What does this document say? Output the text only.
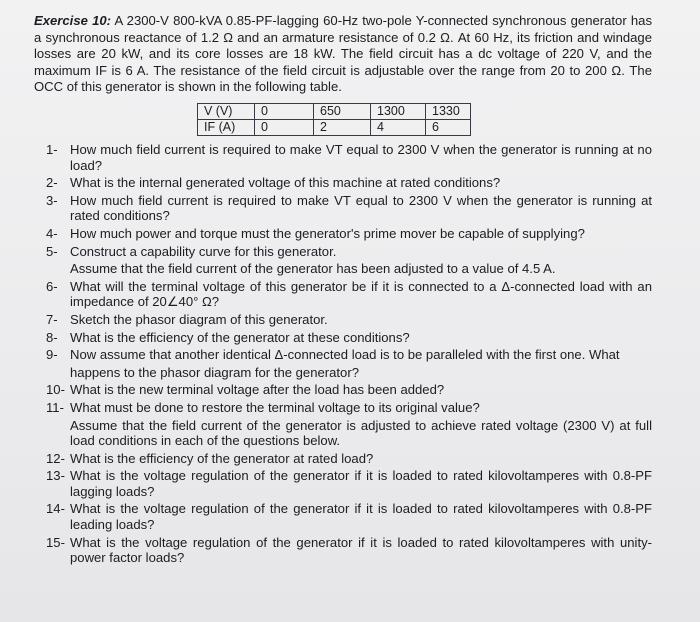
Exercise 10: A 2300-V 800-kVA 0.85-PF-lagging 60-Hz two-pole Y-connected synchronous generator has a synchronous reactance of 1.2 Ω and an armature resistance of 0.2 Ω. At 60 Hz, its friction and windage losses are 20 kW, and its core losses are 18 kW. The field circuit has a dc voltage of 220 V, and the maximum IF is 6 A. The resistance of the field circuit is adjustable over the range from 20 to 200 Ω. The OCC of this generator is shown in the following table.
V (V)	0	650	1300	1330
IF (A)	0	2	4	6
1- How much field current is required to make VT equal to 2300 V when the generator is running at no load?
2- What is the internal generated voltage of this machine at rated conditions?
3- How much field current is required to make VT equal to 2300 V when the generator is running at rated conditions?
4- How much power and torque must the generator's prime mover be capable of supplying?
5- Construct a capability curve for this generator.
Assume that the field current of the generator has been adjusted to a value of 4.5 A.
6- What will the terminal voltage of this generator be if it is connected to a Δ-connected load with an impedance of 20∠40° Ω?
7- Sketch the phasor diagram of this generator.
8- What is the efficiency of the generator at these conditions?
9- Now assume that another identical Δ-connected load is to be paralleled with the first one. What
happens to the phasor diagram for the generator?
10- What is the new terminal voltage after the load has been added?
11- What must be done to restore the terminal voltage to its original value?
Assume that the field current of the generator is adjusted to achieve rated voltage (2300 V) at full load conditions in each of the questions below.
12- What is the efficiency of the generator at rated load?
13- What is the voltage regulation of the generator if it is loaded to rated kilovoltamperes with 0.8-PF lagging loads?
14- What is the voltage regulation of the generator if it is loaded to rated kilovoltamperes with 0.8-PF leading loads?
15- What is the voltage regulation of the generator if it is loaded to rated kilovoltamperes with unity-power factor loads?
